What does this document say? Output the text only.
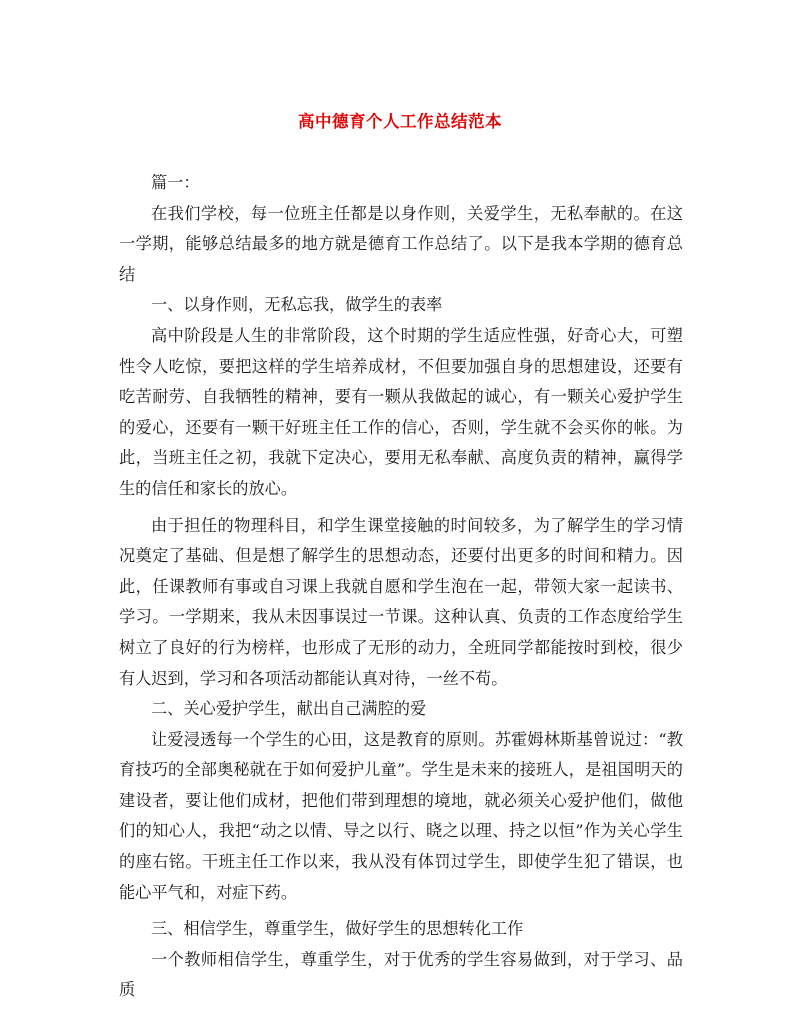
高中德育个人工作总结范本

篇一：

在我们学校，每一位班主任都是以身作则，关爱学生，无私奉献的。在这一学期，能够总结最多的地方就是德育工作总结了。以下是我本学期的德育总结

一、以身作则，无私忘我，做学生的表率

高中阶段是人生的非常阶段，这个时期的学生适应性强，好奇心大，可塑性令人吃惊，要把这样的学生培养成材，不但要加强自身的思想建设，还要有吃苦耐劳、自我牺牲的精神，要有一颗从我做起的诚心，有一颗关心爱护学生的爱心，还要有一颗干好班主任工作的信心，否则，学生就不会买你的帐。为此，当班主任之初，我就下定决心，要用无私奉献、高度负责的精神，赢得学生的信任和家长的放心。

由于担任的物理科目，和学生课堂接触的时间较多，为了解学生的学习情况奠定了基础、但是想了解学生的思想动态，还要付出更多的时间和精力。因此，任课教师有事或自习课上我就自愿和学生泡在一起，带领大家一起读书、学习。一学期来，我从未因事误过一节课。这种认真、负责的工作态度给学生树立了良好的行为榜样，也形成了无形的动力，全班同学都能按时到校，很少有人迟到，学习和各项活动都能认真对待，一丝不苟。

二、关心爱护学生，献出自己满腔的爱

让爱浸透每一个学生的心田，这是教育的原则。苏霍姆林斯基曾说过：“教育技巧的全部奥秘就在于如何爱护儿童”。学生是未来的接班人，是祖国明天的建设者，要让他们成材，把他们带到理想的境地，就必须关心爱护他们，做他们的知心人，我把“动之以情、导之以行、晓之以理、持之以恒”作为关心学生的座右铭。干班主任工作以来，我从没有体罚过学生，即使学生犯了错误，也能心平气和，对症下药。

三、相信学生，尊重学生，做好学生的思想转化工作

一个教师相信学生，尊重学生，对于优秀的学生容易做到，对于学习、品质
